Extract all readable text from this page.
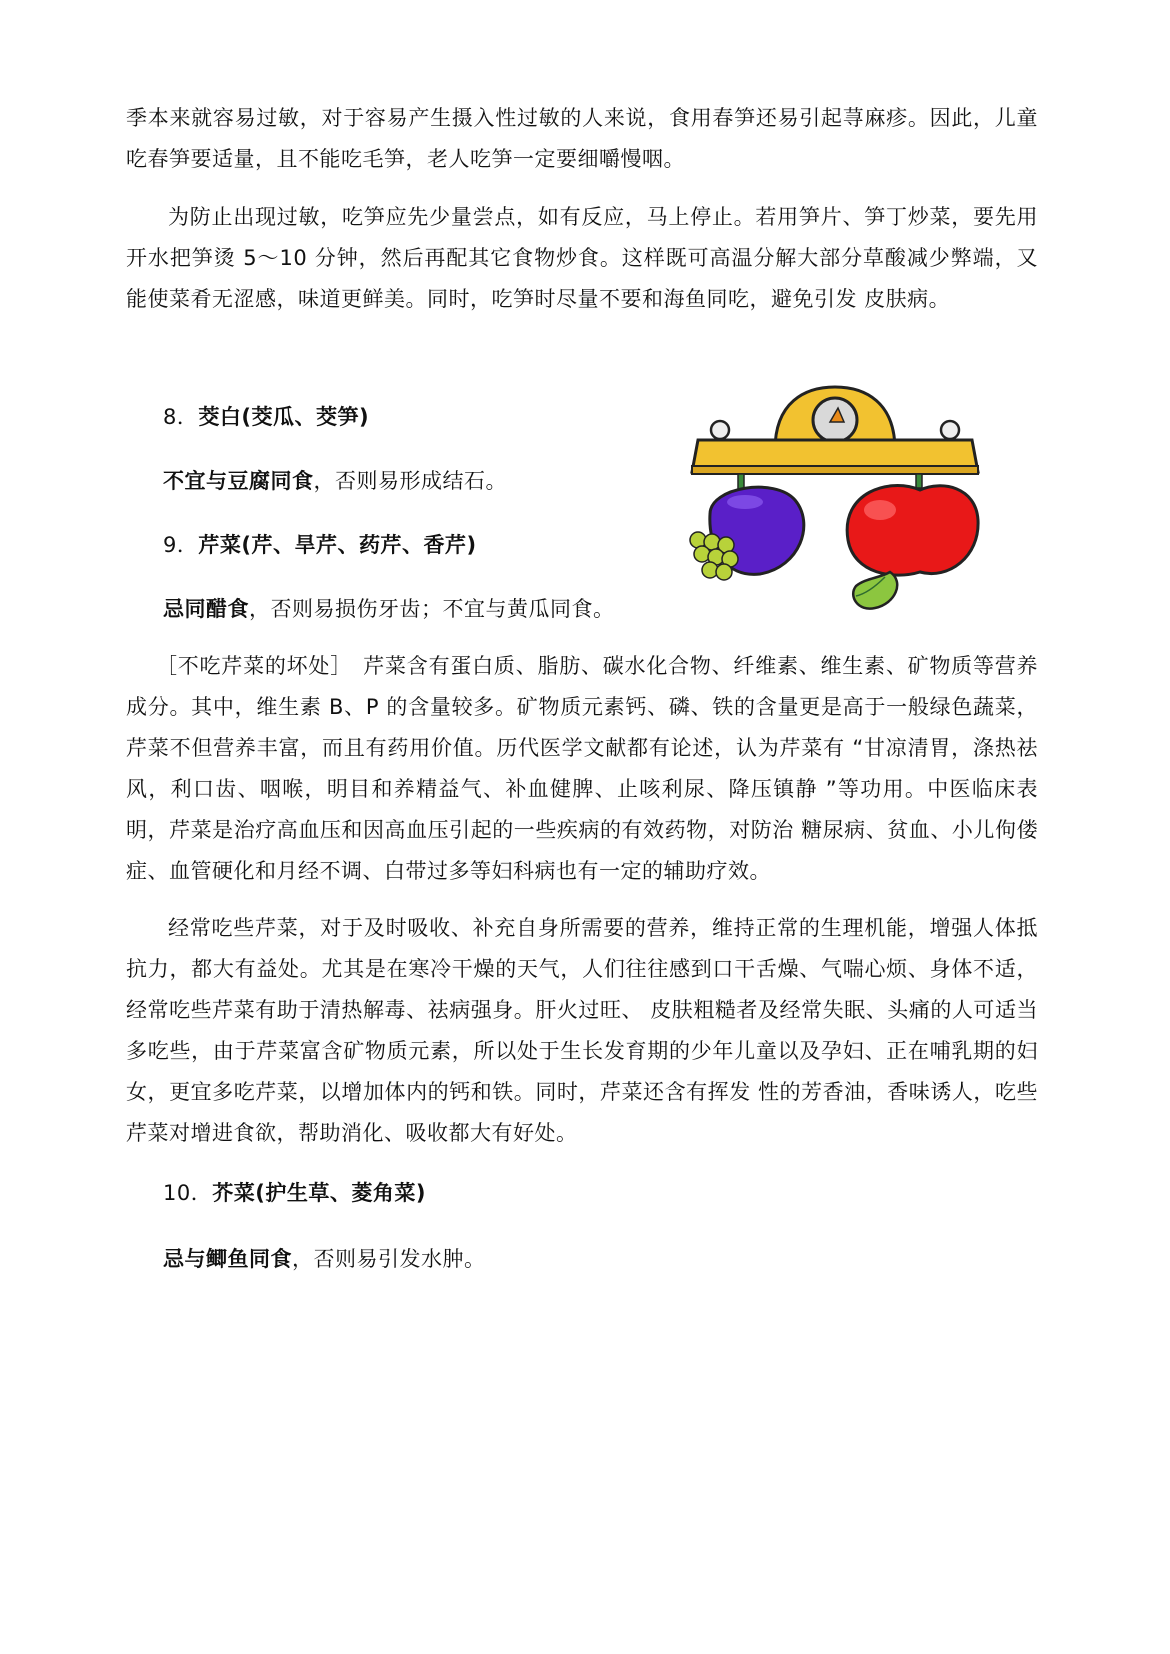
季本来就容易过敏，对于容易产生摄入性过敏的人来说，食用春笋还易引起荨麻疹。因此，儿童吃春笋要适量，且不能吃毛笋，老人吃笋一定要细嚼慢咽。

为防止出现过敏，吃笋应先少量尝点，如有反应，马上停止。若用笋片、笋丁炒菜，要先用开水把笋烫 5～10 分钟，然后再配其它食物炒食。这样既可高温分解大部分草酸减少弊端，又能使菜肴无涩感，味道更鲜美。同时，吃笋时尽量不要和海鱼同吃，避免引发 皮肤病。

8．茭白(茭瓜、茭笋)

不宜与豆腐同食，否则易形成结石。

9．芹菜(芹、旱芹、药芹、香芹)

忌同醋食，否则易损伤牙齿；不宜与黄瓜同食。

［不吃芹菜的坏处］　芹菜含有蛋白质、脂肪、碳水化合物、纤维素、维生素、矿物质等营养成分。其中，维生素 B、P 的含量较多。矿物质元素钙、磷、铁的含量更是高于一般绿色蔬菜，芹菜不但营养丰富，而且有药用价值。历代医学文献都有论述，认为芹菜有 “甘凉清胃，涤热祛风，利口齿、咽喉，明目和养精益气、补血健脾、止咳利尿、降压镇静 ”等功用。中医临床表明，芹菜是治疗高血压和因高血压引起的一些疾病的有效药物，对防治 糖尿病、贫血、小儿佝偻症、血管硬化和月经不调、白带过多等妇科病也有一定的辅助疗效。

经常吃些芹菜，对于及时吸收、补充自身所需要的营养，维持正常的生理机能，增强人体抵抗力，都大有益处。尤其是在寒冷干燥的天气，人们往往感到口干舌燥、气喘心烦、身体不适，经常吃些芹菜有助于清热解毒、祛病强身。肝火过旺、 皮肤粗糙者及经常失眠、头痛的人可适当多吃些，由于芹菜富含矿物质元素，所以处于生长发育期的少年儿童以及孕妇、正在哺乳期的妇女，更宜多吃芹菜，以增加体内的钙和铁。同时，芹菜还含有挥发 性的芳香油，香味诱人，吃些芹菜对增进食欲，帮助消化、吸收都大有好处。

10．芥菜(护生草、菱角菜)

忌与鲫鱼同食，否则易引发水肿。
